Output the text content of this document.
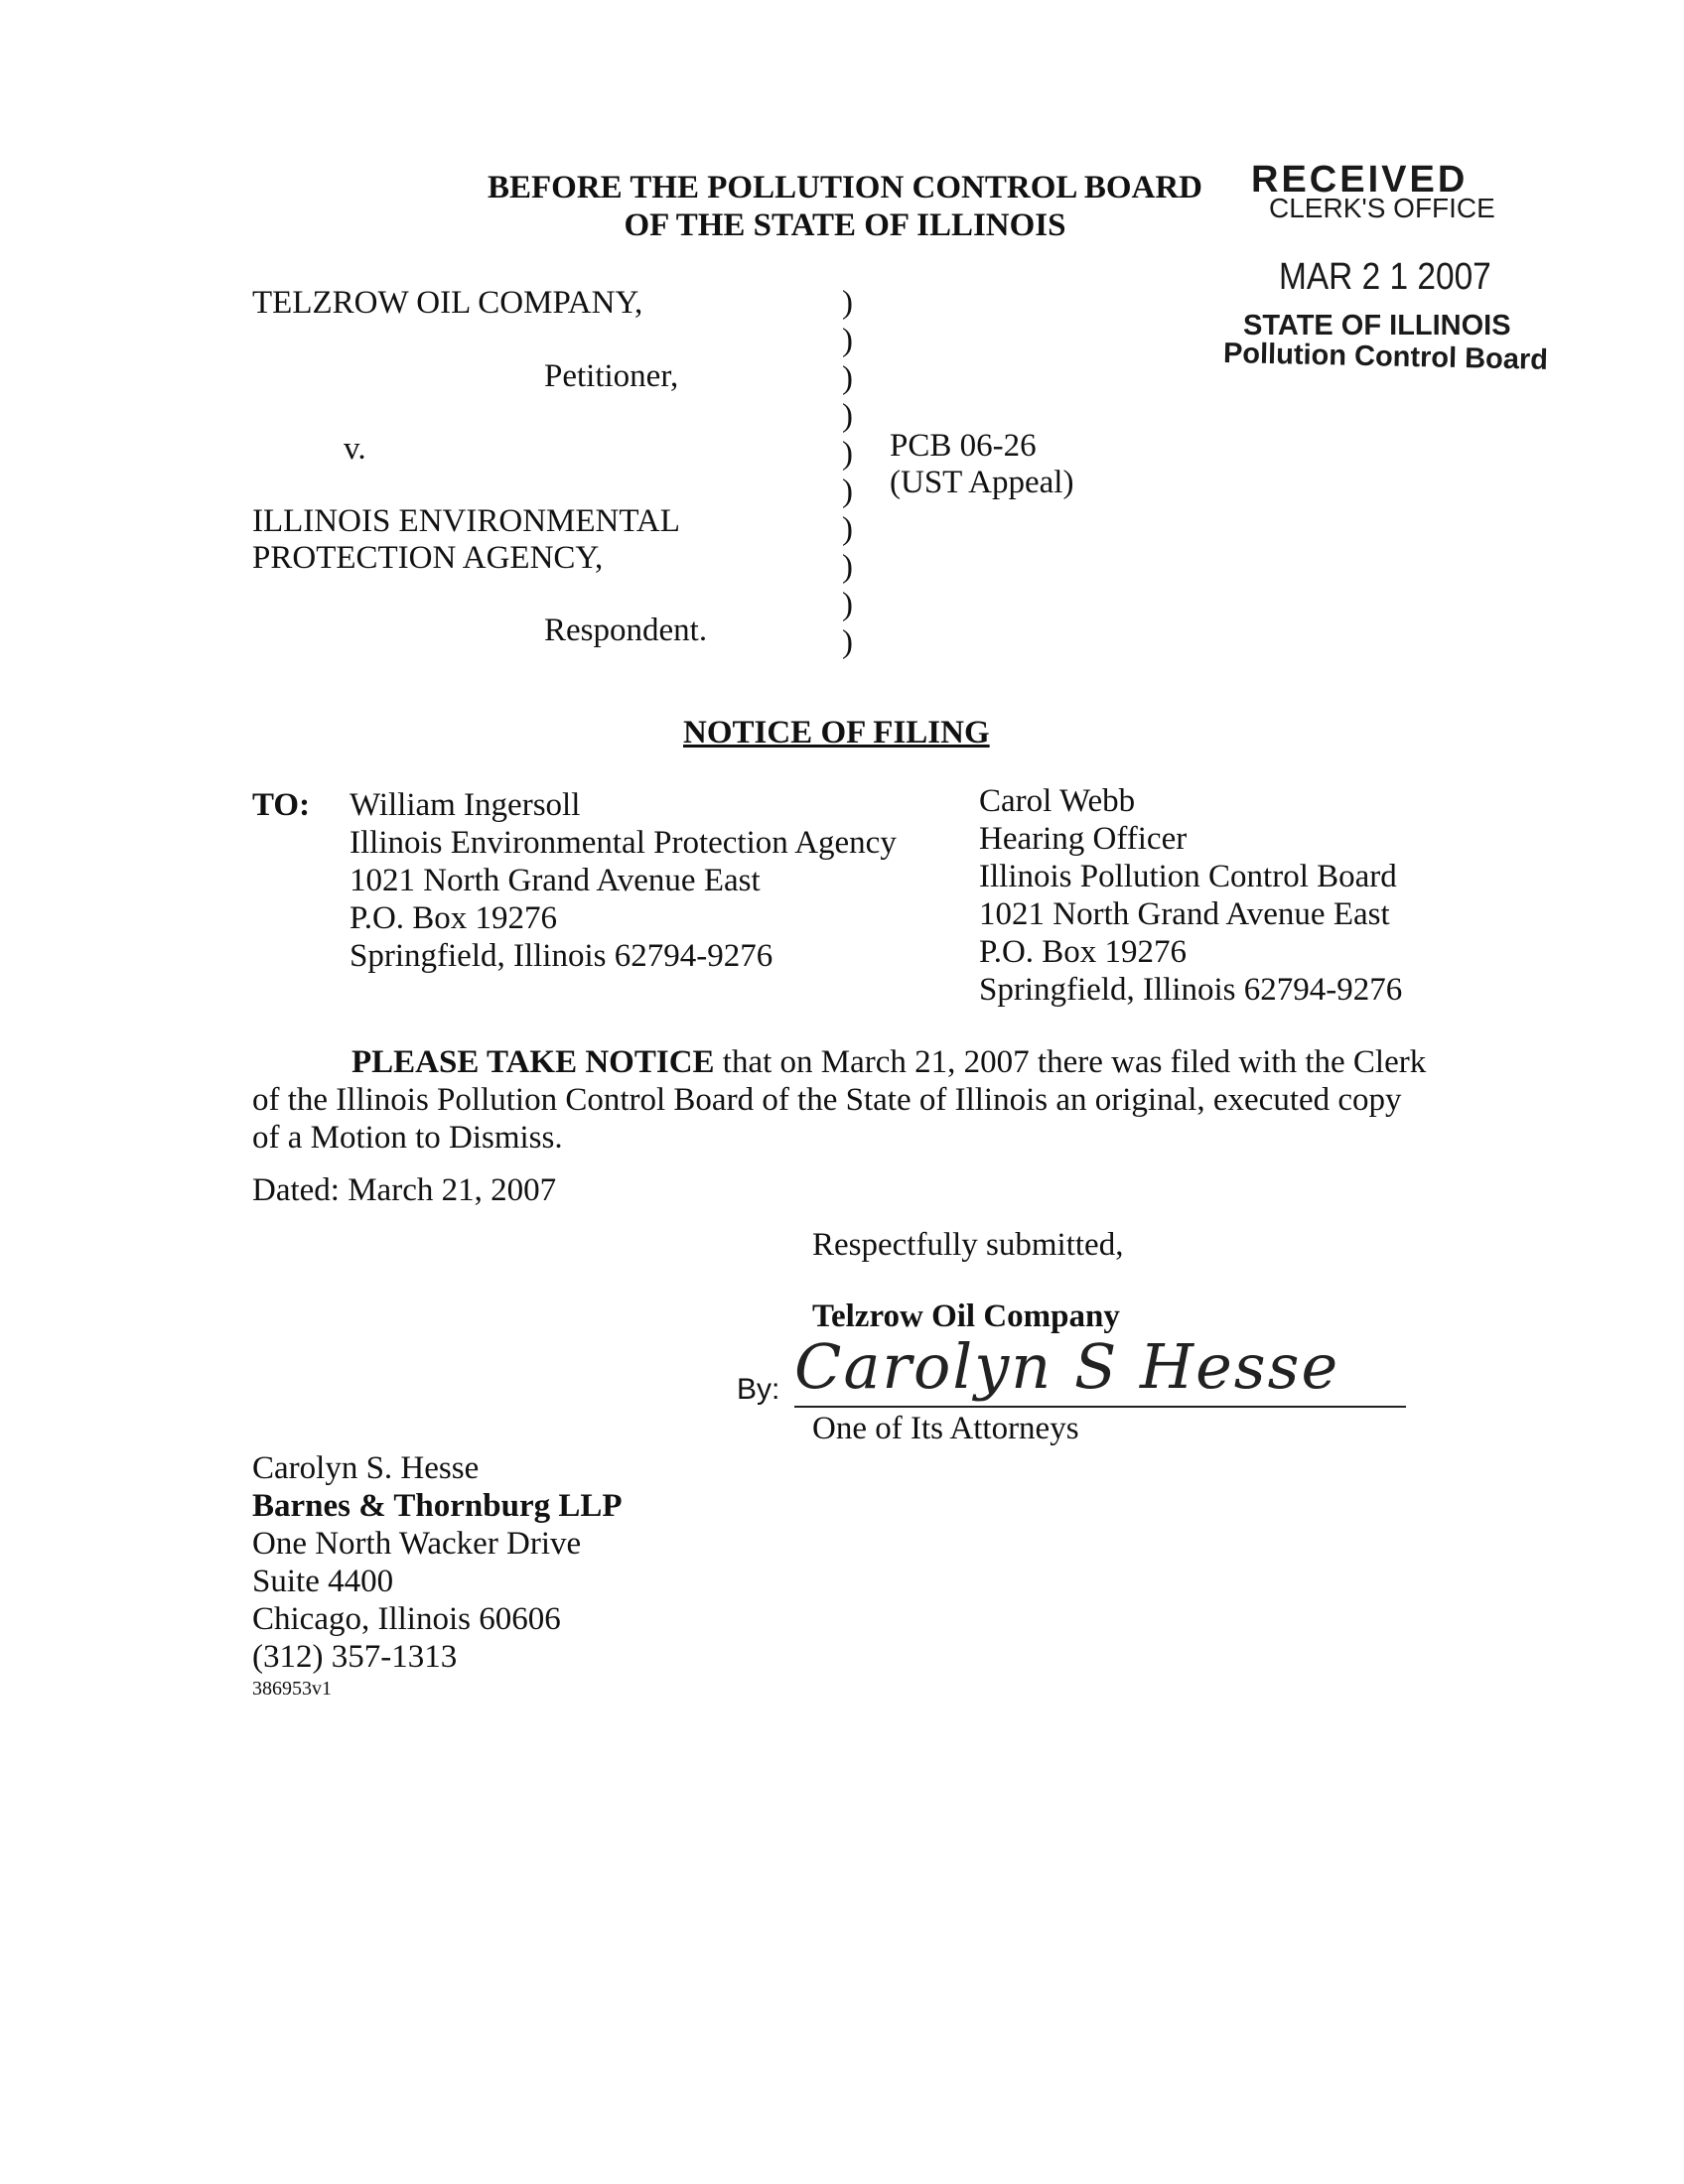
BEFORE THE POLLUTION CONTROL BOARD
OF THE STATE OF ILLINOIS
RECEIVED
CLERK'S OFFICE
MAR 2 1 2007
STATE OF ILLINOIS
Pollution Control Board
TELZROW OIL COMPANY,
Petitioner,
v.
ILLINOIS ENVIRONMENTAL
PROTECTION AGENCY,
Respondent.
)
)
)
)
)
)
)
)
)
)
PCB 06-26
(UST Appeal)
NOTICE OF FILING
TO: William Ingersoll
Illinois Environmental Protection Agency
1021 North Grand Avenue East
P.O. Box 19276
Springfield, Illinois 62794-9276
Carol Webb
Hearing Officer
Illinois Pollution Control Board
1021 North Grand Avenue East
P.O. Box 19276
Springfield, Illinois 62794-9276
PLEASE TAKE NOTICE that on March 21, 2007 there was filed with the Clerk
of the Illinois Pollution Control Board of the State of Illinois an original, executed copy
of a Motion to Dismiss.
Dated: March 21, 2007
Respectfully submitted,
Telzrow Oil Company
By: Carolyn S Hesse
One of Its Attorneys
Carolyn S. Hesse
Barnes & Thornburg LLP
One North Wacker Drive
Suite 4400
Chicago, Illinois 60606
(312) 357-1313
386953v1
